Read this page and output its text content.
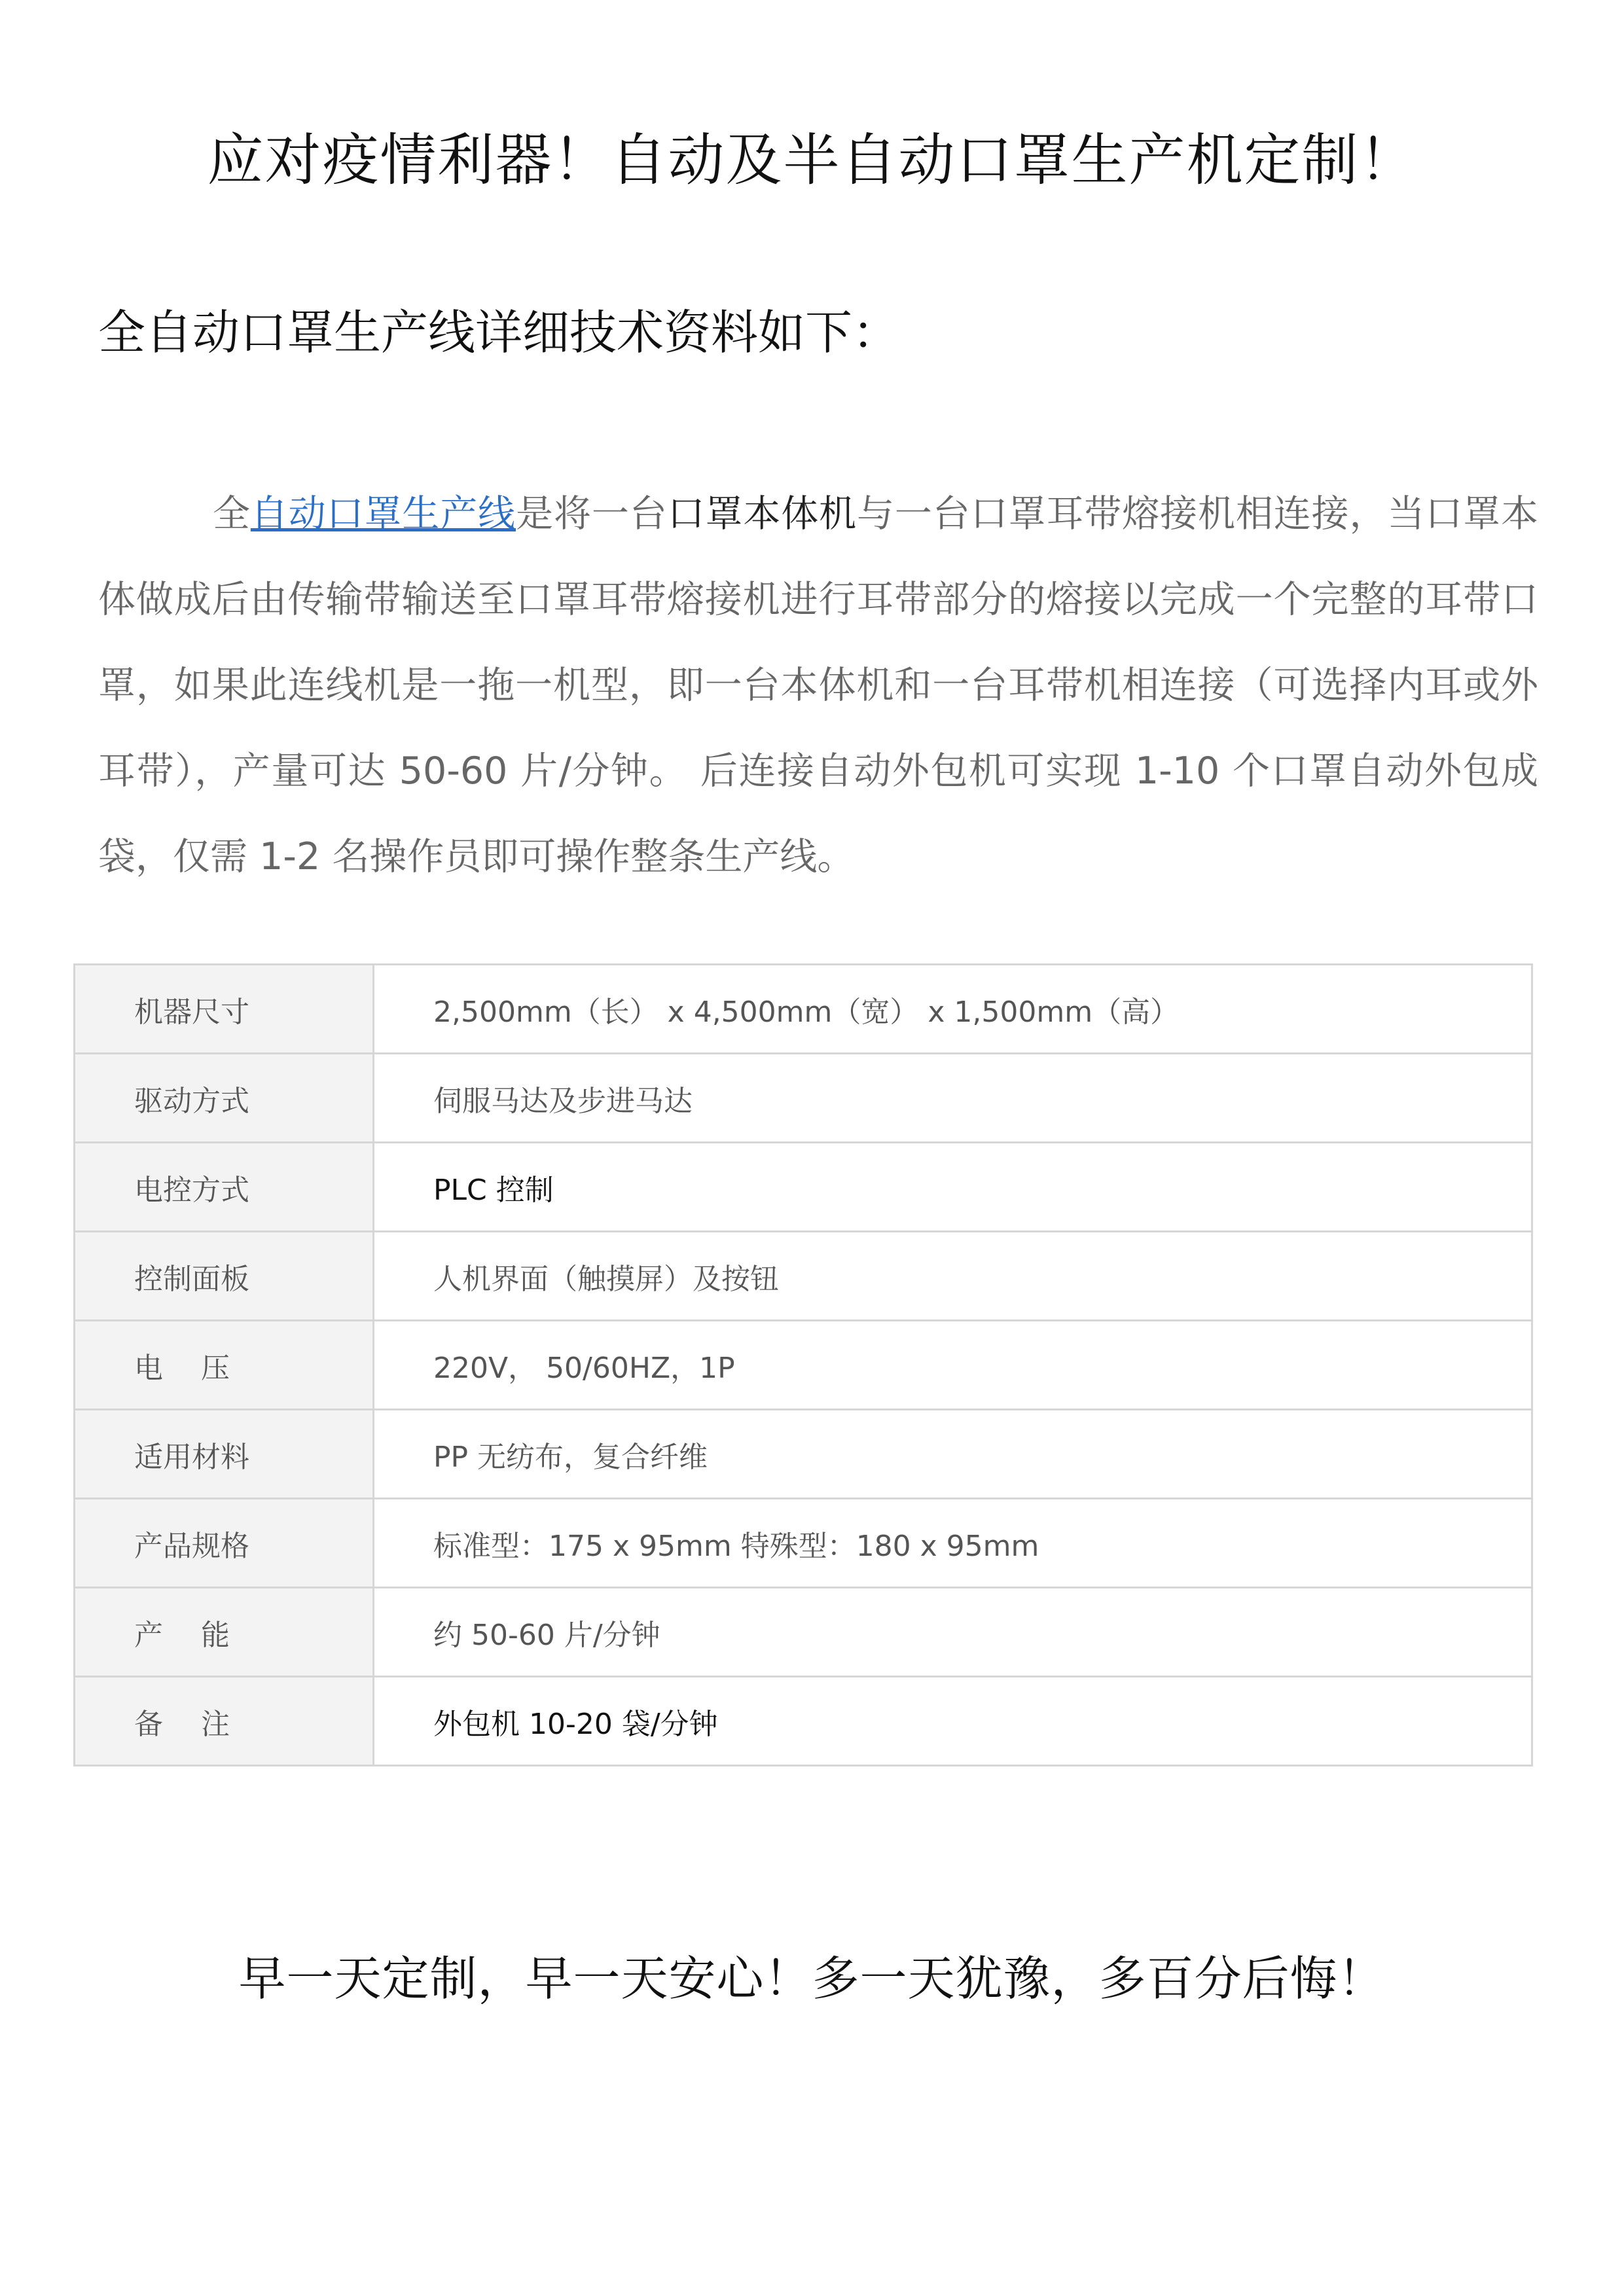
应对疫情利器！自动及半自动口罩生产机定制！
全自动口罩生产线详细技术资料如下：

全自动口罩生产线是将一台口罩本体机与一台口罩耳带熔接机相连接，当口罩本体做成后由传输带输送至口罩耳带熔接机进行耳带部分的熔接以完成一个完整的耳带口罩，如果此连线机是一拖一机型，即一台本体机和一台耳带机相连接（可选择内耳或外耳带），产量可达 50-60 片/分钟。 后连接自动外包机可实现 1-10 个口罩自动外包成袋，仅需 1-2 名操作员即可操作整条生产线。

机器尺寸	2,500mm（长） x 4,500mm（宽） x 1,500mm（高）
驱动方式	伺服马达及步进马达
电控方式	PLC 控制
控制面板	人机界面（触摸屏）及按钮
电　 压	220V， 50/60HZ，1P
适用材料	PP 无纺布，复合纤维
产品规格	标准型：175 x 95mm 特殊型：180 x 95mm
产　 能	约 50-60 片/分钟
备　 注	外包机 10-20 袋/分钟
早一天定制，早一天安心！多一天犹豫，多百分后悔！
